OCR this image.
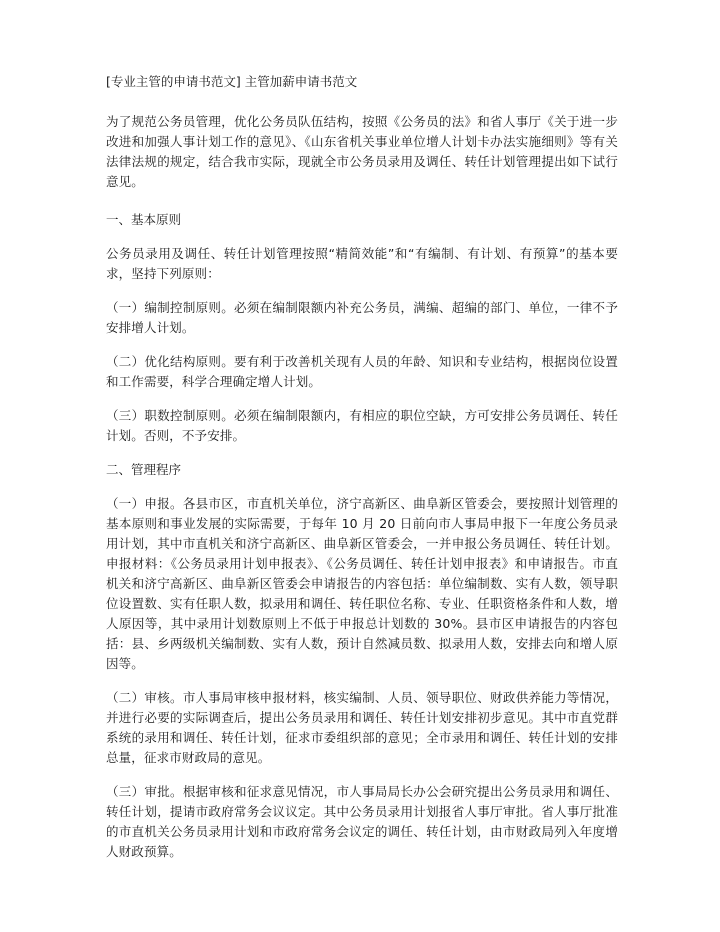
[专业主管的申请书范文] 主管加薪申请书范文

为了规范公务员管理，优化公务员队伍结构，按照《公务员的法》和省人事厅《关于进一步改进和加强人事计划工作的意见》、《山东省机关事业单位增人计划卡办法实施细则》等有关法律法规的规定，结合我市实际，现就全市公务员录用及调任、转任计划管理提出如下试行意见。

一、基本原则

公务员录用及调任、转任计划管理按照“精简效能”和“有编制、有计划、有预算”的基本要求，坚持下列原则：

（一）编制控制原则。必须在编制限额内补充公务员，满编、超编的部门、单位，一律不予安排增人计划。

（二）优化结构原则。要有利于改善机关现有人员的年龄、知识和专业结构，根据岗位设置和工作需要，科学合理确定增人计划。

（三）职数控制原则。必须在编制限额内，有相应的职位空缺，方可安排公务员调任、转任计划。否则，不予安排。

二、管理程序

（一）申报。各县市区，市直机关单位，济宁高新区、曲阜新区管委会，要按照计划管理的基本原则和事业发展的实际需要，于每年 10 月 20 日前向市人事局申报下一年度公务员录用计划，其中市直机关和济宁高新区、曲阜新区管委会，一并申报公务员调任、转任计划。申报材料：《公务员录用计划申报表》、《公务员调任、转任计划申报表》和申请报告。市直机关和济宁高新区、曲阜新区管委会申请报告的内容包括：单位编制数、实有人数，领导职位设置数、实有任职人数，拟录用和调任、转任职位名称、专业、任职资格条件和人数，增人原因等，其中录用计划数原则上不低于申报总计划数的 30%。县市区申请报告的内容包括：县、乡两级机关编制数、实有人数，预计自然减员数、拟录用人数，安排去向和增人原因等。

（二）审核。市人事局审核申报材料，核实编制、人员、领导职位、财政供养能力等情况，并进行必要的实际调查后，提出公务员录用和调任、转任计划安排初步意见。其中市直党群系统的录用和调任、转任计划，征求市委组织部的意见；全市录用和调任、转任计划的安排总量，征求市财政局的意见。

（三）审批。根据审核和征求意见情况，市人事局局长办公会研究提出公务员录用和调任、转任计划，提请市政府常务会议议定。其中公务员录用计划报省人事厅审批。省人事厅批准的市直机关公务员录用计划和市政府常务会议定的调任、转任计划，由市财政局列入年度增人财政预算。
